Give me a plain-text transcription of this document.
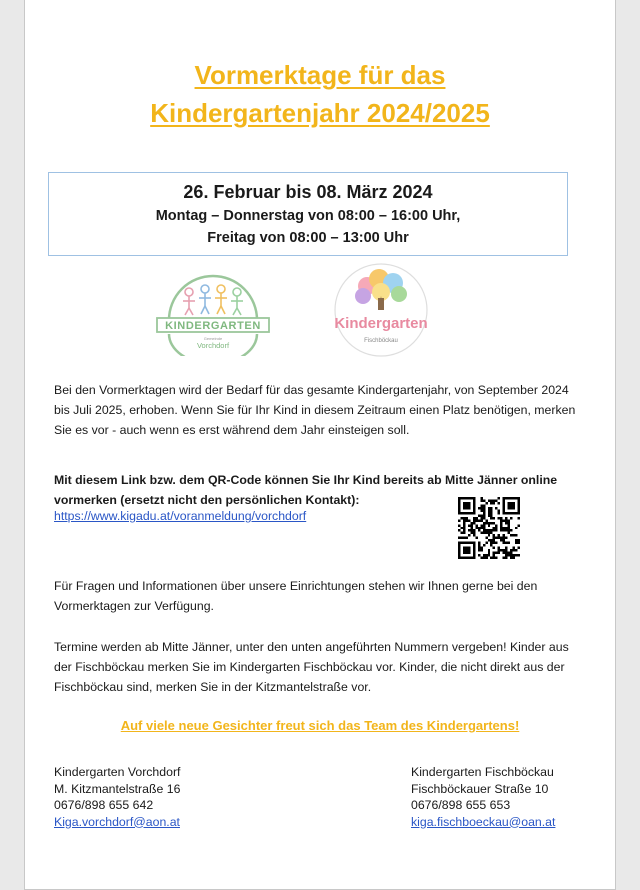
Vormerktage für das
Kindergartenjahr 2024/2025
26. Februar bis 08. März 2024
Montag – Donnerstag von 08:00 – 16:00 Uhr,
Freitag von 08:00 – 13:00 Uhr
KINDERGARTEN
Gemeinde
Vorchdorf
Kindergarten
Fischböckau

Bei den Vormerktagen wird der Bedarf für das gesamte Kindergartenjahr, von September 2024 bis Juli 2025, erhoben. Wenn Sie für Ihr Kind in diesem Zeitraum einen Platz benötigen, merken Sie es vor - auch wenn es erst während dem Jahr einsteigen soll.

Mit diesem Link bzw. dem QR-Code können Sie Ihr Kind bereits ab Mitte Jänner online vormerken (ersetzt nicht den persönlichen Kontakt):

https://www.kigadu.at/voranmeldung/vorchdorf

Für Fragen und Informationen über unsere Einrichtungen stehen wir Ihnen gerne bei den Vormerktagen zur Verfügung.

Termine werden ab Mitte Jänner, unter den unten angeführten Nummern vergeben! Kinder aus der Fischböckau merken Sie im Kindergarten Fischböckau vor. Kinder, die nicht direkt aus der Fischböckau sind, merken Sie in der Kitzmantelstraße vor.

Auf viele neue Gesichter freut sich das Team des Kindergartens!
Kindergarten Vorchdorf
M. Kitzmantelstraße 16
0676/898 655 642
Kiga.vorchdorf@aon.at
Kindergarten Fischböckau
Fischböckauer Straße 10
0676/898 655 653
kiga.fischboeckau@oan.at
